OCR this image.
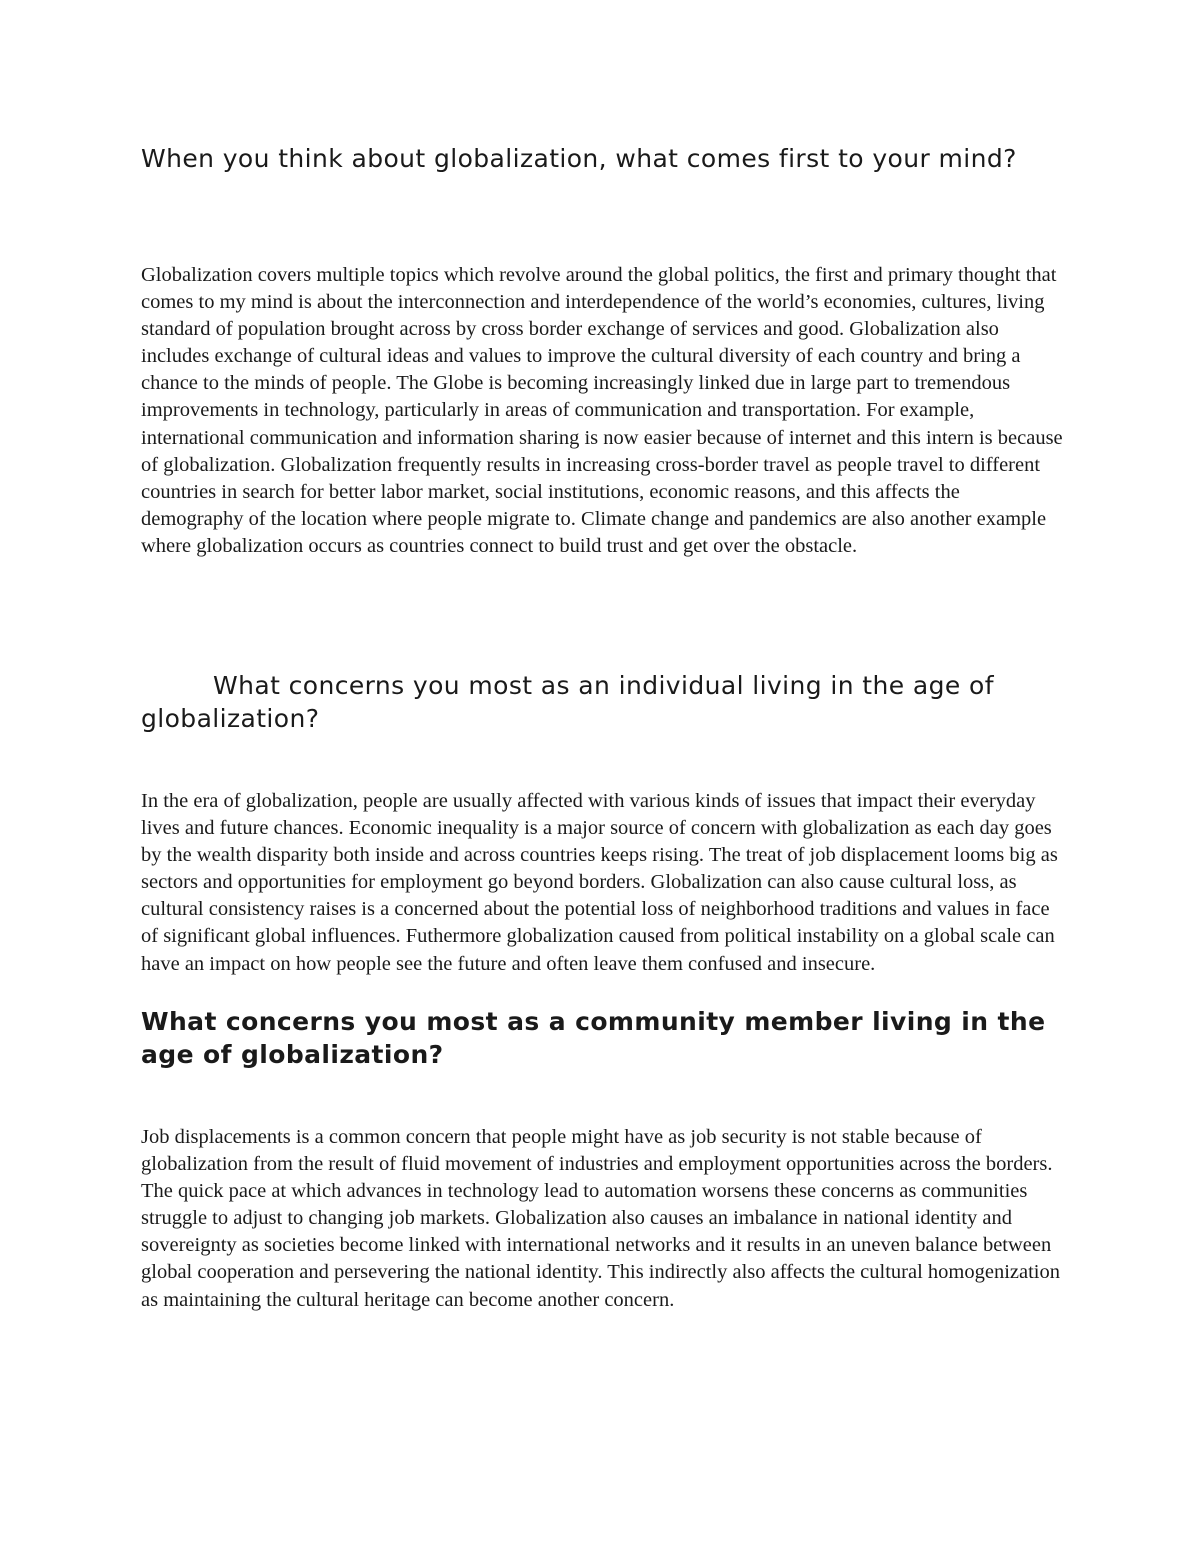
When you think about globalization, what comes first to your mind?

Globalization covers multiple topics which revolve around the global politics, the first and primary thought that comes to my mind is about the interconnection and interdependence of the world’s economies, cultures, living standard of population brought across by cross border exchange of services and good. Globalization also includes exchange of cultural ideas and values to improve the cultural diversity of each country and bring a chance to the minds of people. The Globe is becoming increasingly linked due in large part to tremendous improvements in technology, particularly in areas of communication and transportation. For example, international communication and information sharing is now easier because of internet and this intern is because of globalization. Globalization frequently results in increasing cross-border travel as people travel to different countries in search for better labor market, social institutions, economic reasons, and this affects the demography of the location where people migrate to. Climate change and pandemics are also another example where globalization occurs as countries connect to build trust and get over the obstacle.

What concerns you most as an individual living in the age of globalization?

In the era of globalization, people are usually affected with various kinds of issues that impact their everyday lives and future chances. Economic inequality is a major source of concern with globalization as each day goes by the wealth disparity both inside and across countries keeps rising. The treat of job displacement looms big as sectors and opportunities for employment go beyond borders. Globalization can also cause cultural loss, as cultural consistency raises is a concerned about the potential loss of neighborhood traditions and values in face of significant global influences. Futhermore globalization caused from political instability on a global scale can have an impact on how people see the future and often leave them confused and insecure.

What concerns you most as a community member living in the age of globalization?

Job displacements is a common concern that people might have as job security is not stable because of globalization from the result of fluid movement of industries and employment opportunities across the borders. The quick pace at which advances in technology lead to automation worsens these concerns as communities struggle to adjust to changing job markets. Globalization also causes an imbalance in national identity and sovereignty as societies become linked with international networks and it results in an uneven balance between global cooperation and persevering the national identity. This indirectly also affects the cultural homogenization as maintaining the cultural heritage can become another concern.
